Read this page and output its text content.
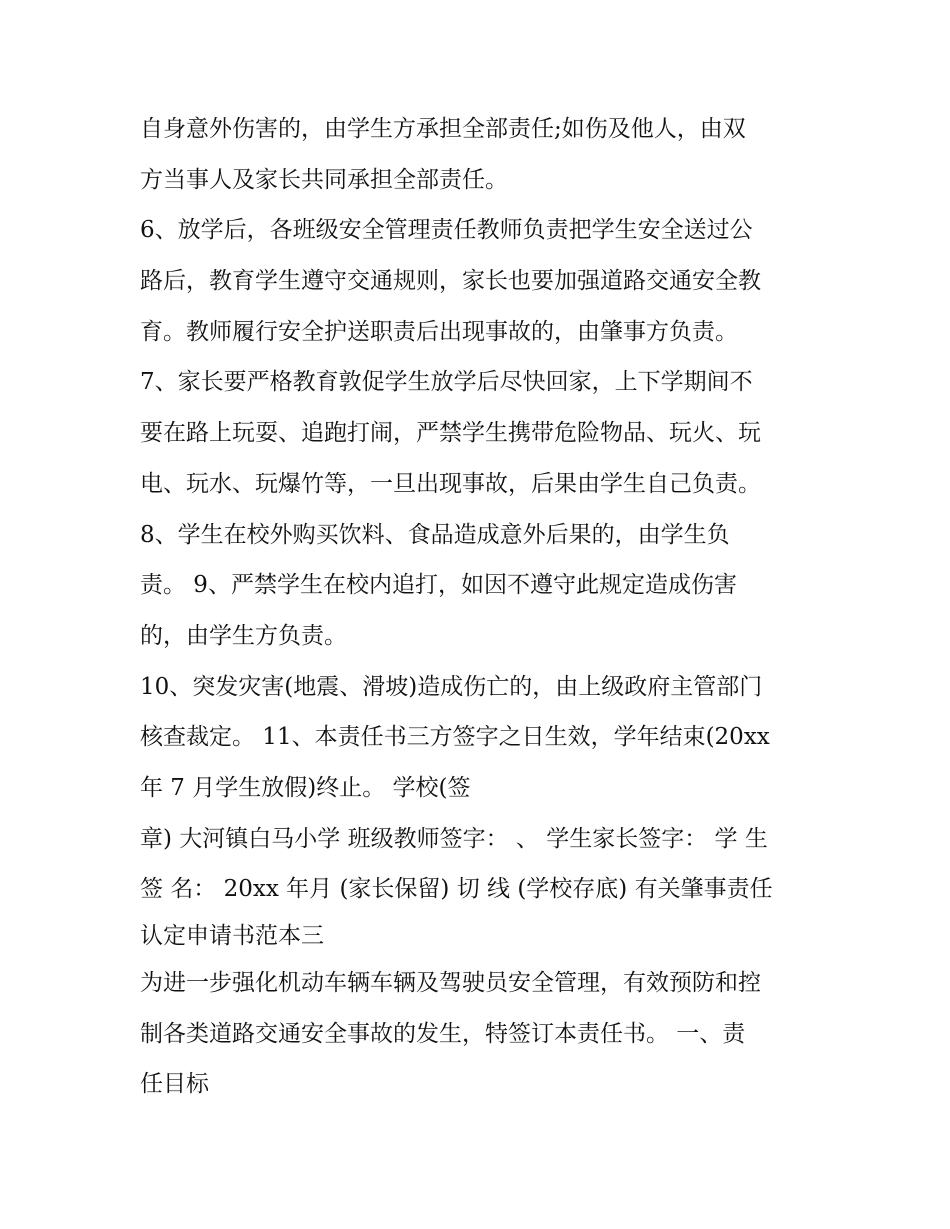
自身意外伤害的，由学生方承担全部责任;如伤及他人，由双
方当事人及家长共同承担全部责任。
6、放学后，各班级安全管理责任教师负责把学生安全送过公
路后，教育学生遵守交通规则，家长也要加强道路交通安全教
育。教师履行安全护送职责后出现事故的，由肇事方负责。
7、家长要严格教育敦促学生放学后尽快回家，上下学期间不
要在路上玩耍、追跑打闹，严禁学生携带危险物品、玩火、玩
电、玩水、玩爆竹等，一旦出现事故，后果由学生自己负责。
8、学生在校外购买饮料、食品造成意外后果的，由学生负
责。 9、严禁学生在校内追打，如因不遵守此规定造成伤害
的，由学生方负责。
10、突发灾害(地震、滑坡)造成伤亡的，由上级政府主管部门
核查裁定。 11、本责任书三方签字之日生效，学年结束(20xx
年 7 月学生放假)终止。 学校(签
章) 大河镇白马小学 班级教师签字： 、 学生家长签字： 学 生
签 名： 20xx 年月 (家长保留) 切 线 (学校存底) 有关肇事责任
认定申请书范本三
为进一步强化机动车辆车辆及驾驶员安全管理，有效预防和控
制各类道路交通安全事故的发生，特签订本责任书。 一、责
任目标
